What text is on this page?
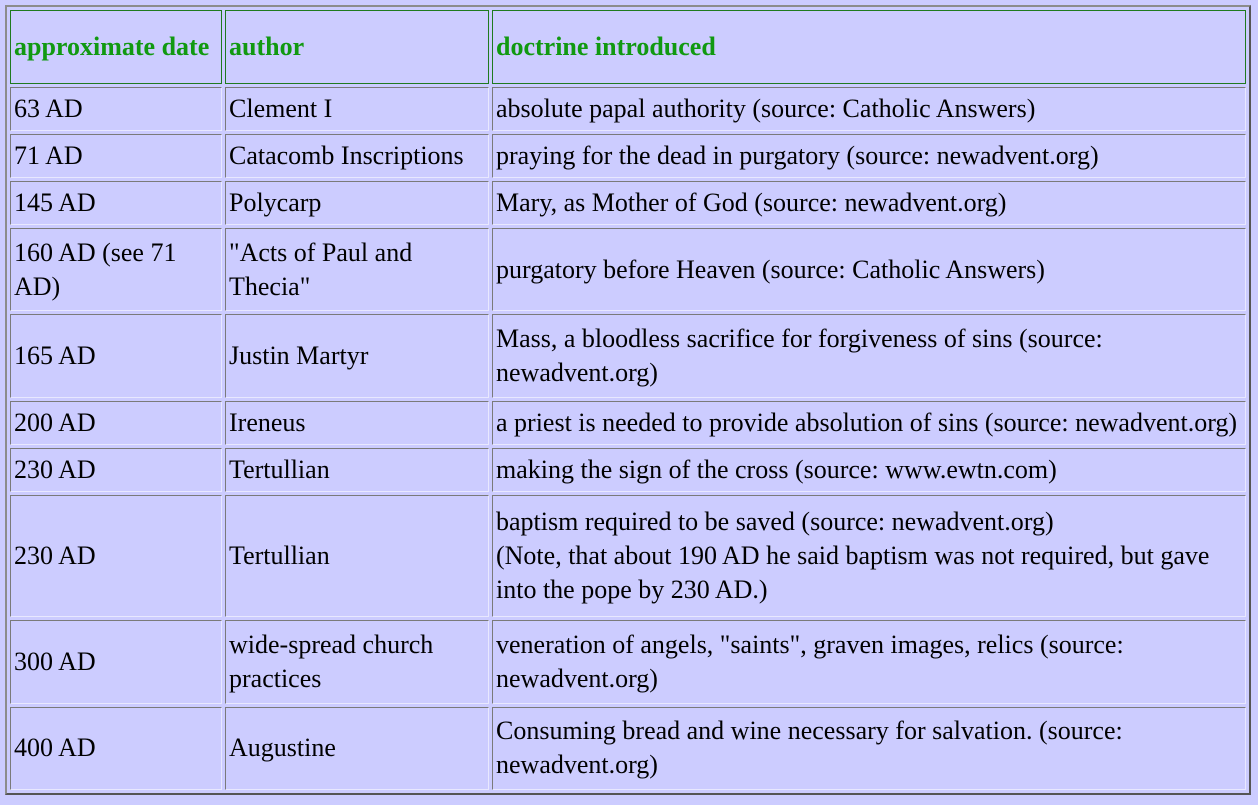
approximate date	author	doctrine introduced
63 AD	Clement I	absolute papal authority (source: Catholic Answers)
71 AD	Catacomb Inscriptions	praying for the dead in purgatory (source: newadvent.org)
145 AD	Polycarp	Mary, as Mother of God (source: newadvent.org)
160 AD (see 71 AD)	"Acts of Paul and Thecia"	purgatory before Heaven (source: Catholic Answers)
165 AD	Justin Martyr	Mass, a bloodless sacrifice for forgiveness of sins (source: newadvent.org)
200 AD	Ireneus	a priest is needed to provide absolution of sins (source: newadvent.org)
230 AD	Tertullian	making the sign of the cross (source: www.ewtn.com)
230 AD	Tertullian	baptism required to be saved (source: newadvent.org)
(Note, that about 190 AD he said baptism was not required, but gave into the pope by 230 AD.)

300 AD	wide-spread church practices	veneration of angels, "saints", graven images, relics (source: newadvent.org)
400 AD	Augustine	Consuming bread and wine necessary for salvation. (source: newadvent.org)
